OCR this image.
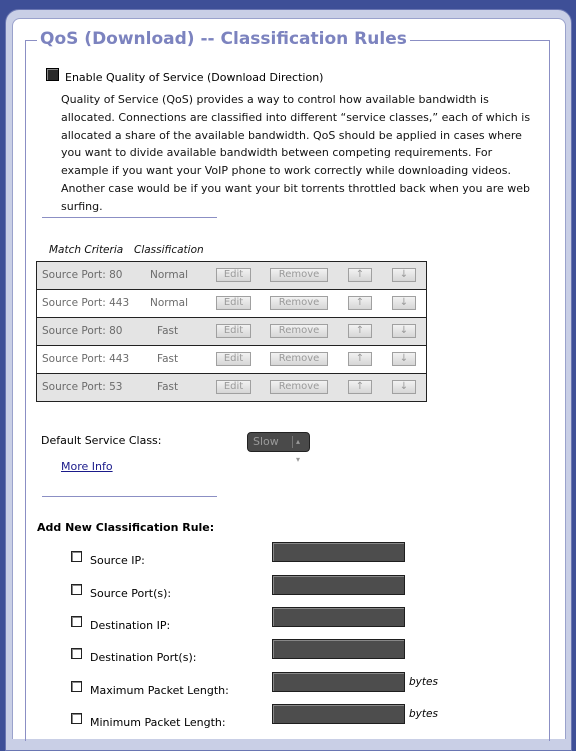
QoS (Download) -- Classification Rules
Enable Quality of Service (Download Direction)
Quality of Service (QoS) provides a way to control how available bandwidth is allocated. Connections are classified into different “service classes,” each of which is allocated a share of the available bandwidth. QoS should be applied in cases where you want to divide available bandwidth between competing requirements. For example if you want your VoIP phone to work correctly while downloading videos. Another case would be if you want your bit torrents throttled back when you are web surfing.
Match Criteria Classification
Source Port: 80	Normal	Edit	Remove	↑	↓
Source Port: 443 Normal	Edit	Remove	↑	↓
Source Port: 80	Fast	Edit	Remove	↑	↓
Source Port: 443	Fast	Edit	Remove	↑	↓
Source Port: 53	Fast	Edit	Remove	↑	↓
Default Service Class:	Slow ▴
▾
More Info
Add New Classification Rule:
Source IP:
Source Port(s):
Destination IP:
Destination Port(s):
Maximum Packet Length:
bytes
Minimum Packet Length:
bytes
